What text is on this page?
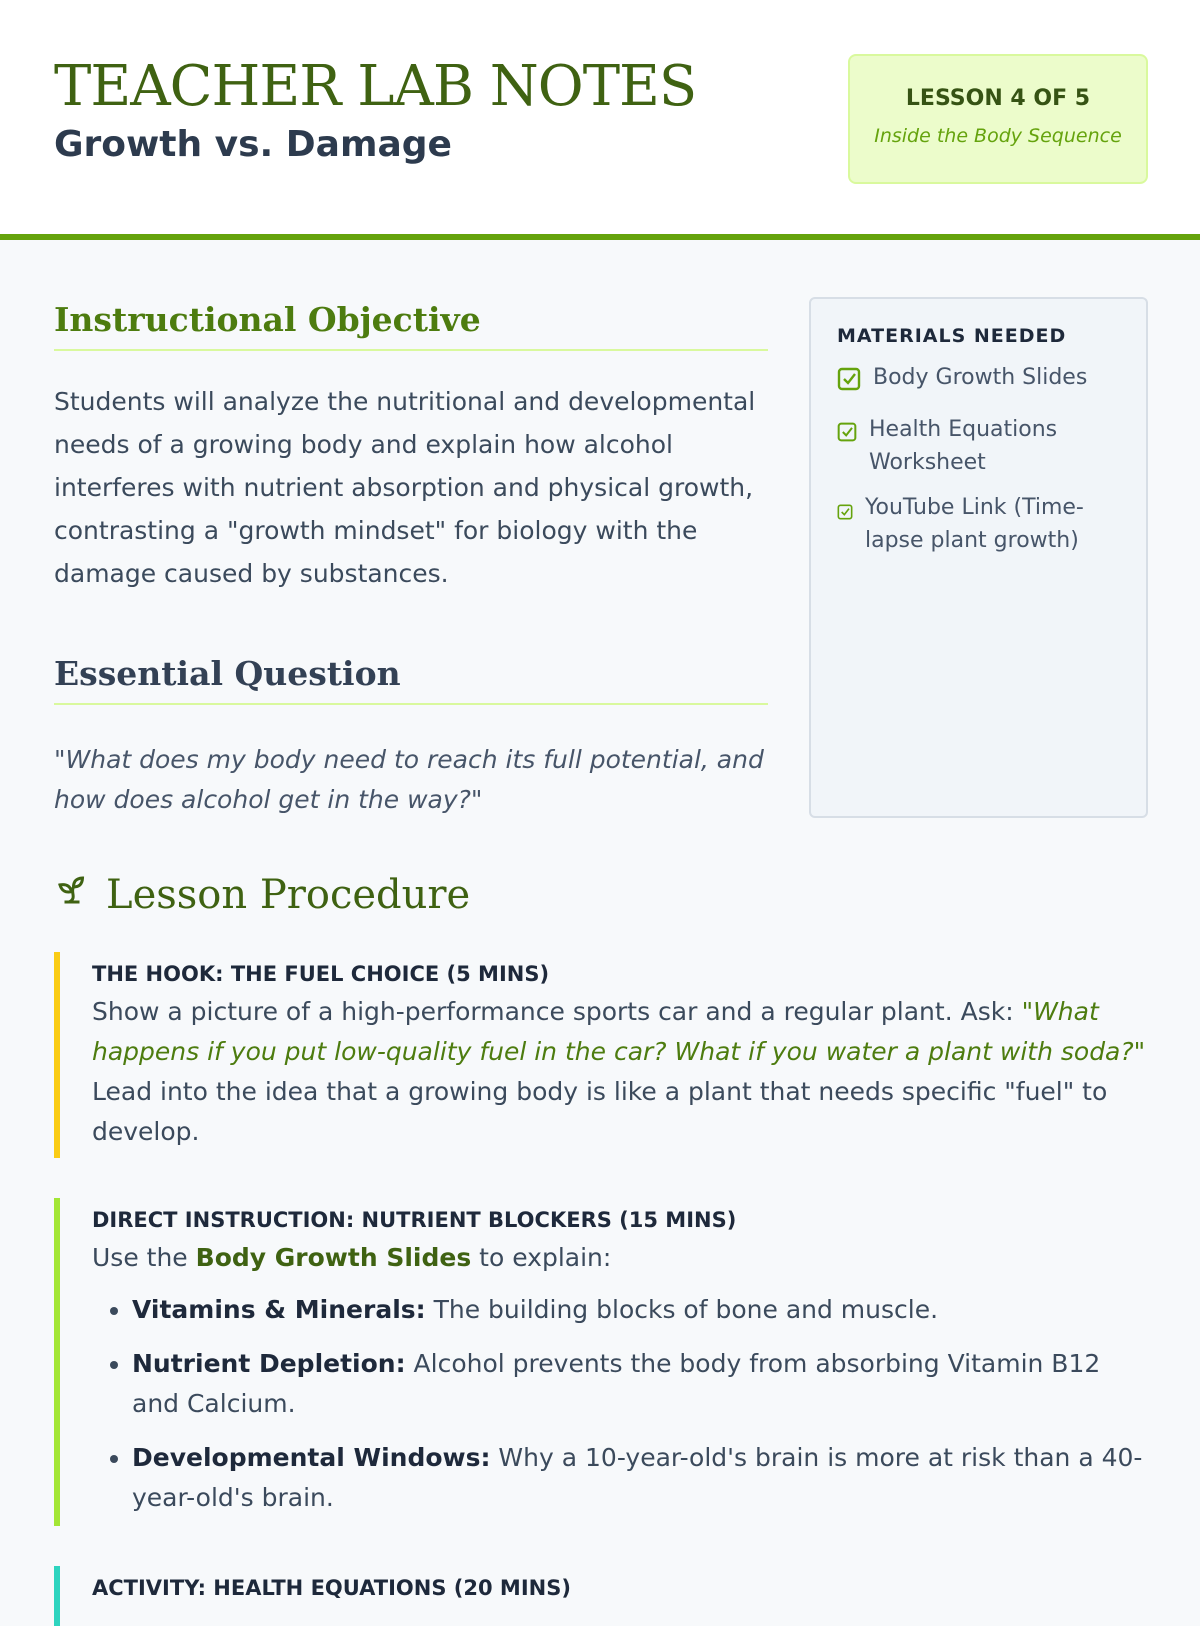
TEACHER LAB NOTES
Growth vs. Damage
LESSON 4 OF 5
Inside the Body Sequence
Instructional Objective

Students will analyze the nutritional and developmental needs of a growing body and explain how alcohol interferes with nutrient absorption and physical growth, contrasting a "growth mindset" for biology with the damage caused by substances.

Essential Question

"What does my body need to reach its full potential, and how does alcohol get in the way?"

MATERIALS NEEDED
Body Growth Slides
Health Equations Worksheet
YouTube Link (Time-lapse plant growth)
Lesson Procedure
THE HOOK: THE FUEL CHOICE (5 MINS)

Show a picture of a high-performance sports car and a regular plant. Ask: "What happens if you put low-quality fuel in the car? What if you water a plant with soda?" Lead into the idea that a growing body is like a plant that needs specific "fuel" to develop.

DIRECT INSTRUCTION: NUTRIENT BLOCKERS (15 MINS)

Use the Body Growth Slides to explain:

• Vitamins & Minerals: The building blocks of bone and muscle.
• Nutrient Depletion: Alcohol prevents the body from absorbing Vitamin B12 and Calcium.
• Developmental Windows: Why a 10-year-old's brain is more at risk than a 40-year-old's brain.
ACTIVITY: HEALTH EQUATIONS (20 MINS)
